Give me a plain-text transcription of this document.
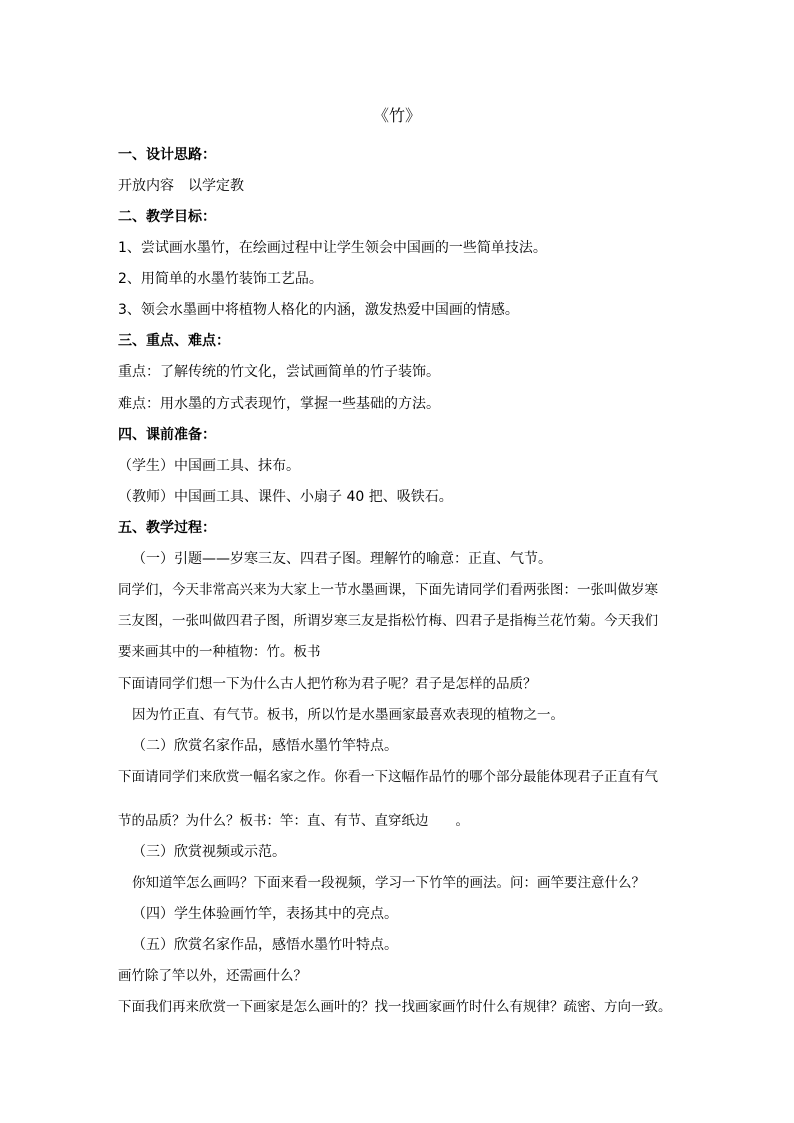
《竹》
一、设计思路：
开放内容　以学定教
二、教学目标：
1、尝试画水墨竹，在绘画过程中让学生领会中国画的一些简单技法。
2、用简单的水墨竹装饰工艺品。
3、领会水墨画中将植物人格化的内涵，激发热爱中国画的情感。
三、重点、难点：
重点：了解传统的竹文化，尝试画简单的竹子装饰。
难点：用水墨的方式表现竹，掌握一些基础的方法。
四、课前准备：
（学生）中国画工具、抹布。
（教师）中国画工具、课件、小扇子 40 把、吸铁石。
五、教学过程：
（一）引题——岁寒三友、四君子图。理解竹的喻意：正直、气节。
同学们，今天非常高兴来为大家上一节水墨画课，下面先请同学们看两张图：一张叫做岁寒
三友图，一张叫做四君子图，所谓岁寒三友是指松竹梅、四君子是指梅兰花竹菊。今天我们
要来画其中的一种植物：竹。板书
下面请同学们想一下为什么古人把竹称为君子呢？君子是怎样的品质？
因为竹正直、有气节。板书，所以竹是水墨画家最喜欢表现的植物之一。
（二）欣赏名家作品，感悟水墨竹竿特点。
下面请同学们来欣赏一幅名家之作。你看一下这幅作品竹的哪个部分最能体现君子正直有气
节的品质？为什么？板书：竿：直、有节、直穿纸边　　。
（三）欣赏视频或示范。
你知道竿怎么画吗？下面来看一段视频，学习一下竹竿的画法。问：画竿要注意什么？
（四）学生体验画竹竿，表扬其中的亮点。
（五）欣赏名家作品，感悟水墨竹叶特点。
画竹除了竿以外，还需画什么？
下面我们再来欣赏一下画家是怎么画叶的？找一找画家画竹时什么有规律？疏密、方向一致。
